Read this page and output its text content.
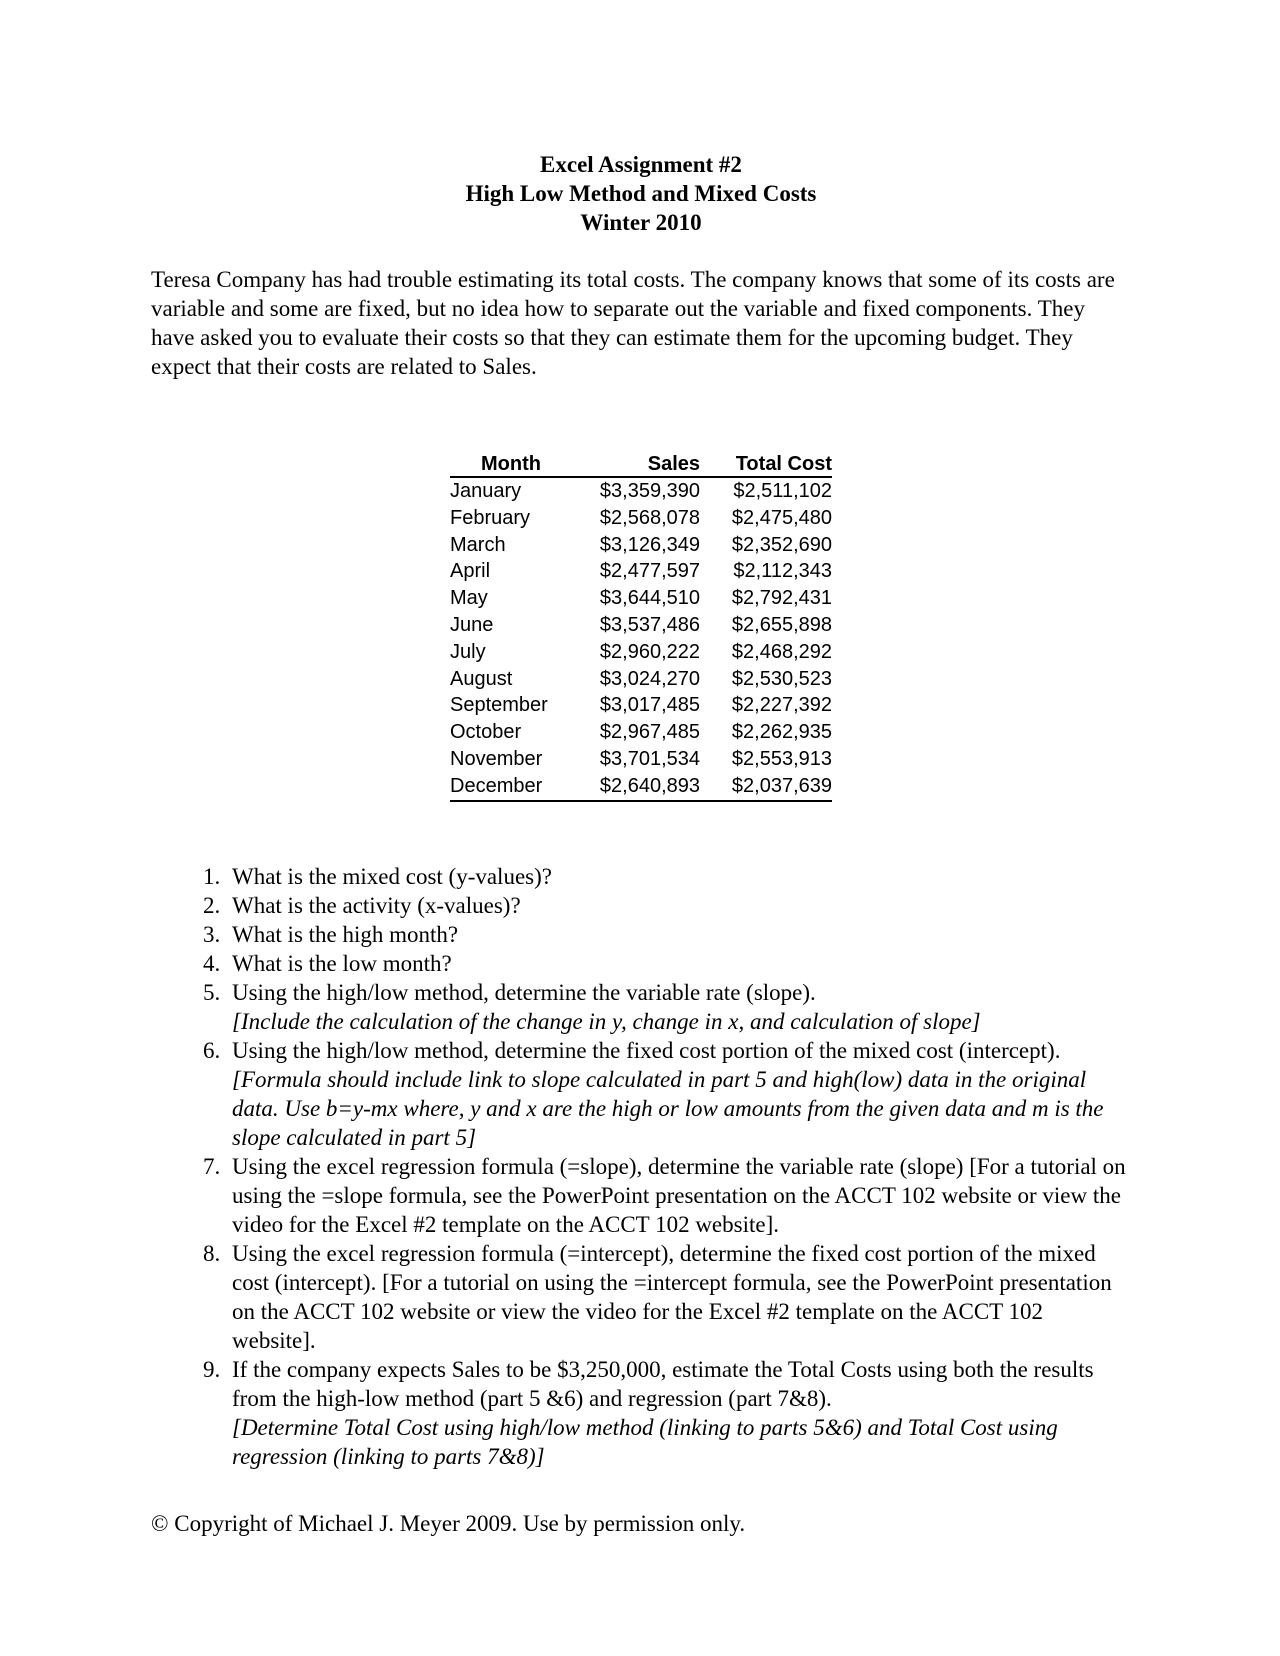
Excel Assignment #2
High Low Method and Mixed Costs
Winter 2010
Teresa Company has had trouble estimating its total costs. The company knows that some of its costs are variable and some are fixed, but no idea how to separate out the variable and fixed components. They have asked you to evaluate their costs so that they can estimate them for the upcoming budget. They expect that their costs are related to Sales.
Month	Sales	Total Cost
January	$3,359,390	$2,511,102
February	$2,568,078	$2,475,480
March	$3,126,349	$2,352,690
April	$2,477,597	$2,112,343
May	$3,644,510	$2,792,431
June	$3,537,486	$2,655,898
July	$2,960,222	$2,468,292
August	$3,024,270	$2,530,523
September	$3,017,485	$2,227,392
October	$2,967,485	$2,262,935
November	$3,701,534	$2,553,913
December	$2,640,893	$2,037,639
1. What is the mixed cost (y-values)?
2. What is the activity (x-values)?
3. What is the high month?
4. What is the low month?
5. Using the high/low method, determine the variable rate (slope).
[Include the calculation of the change in y, change in x, and calculation of slope]
6. Using the high/low method, determine the fixed cost portion of the mixed cost (intercept).
[Formula should include link to slope calculated in part 5 and high(low) data in the original data. Use b=y-mx where, y and x are the high or low amounts from the given data and m is the slope calculated in part 5]
7. Using the excel regression formula (=slope), determine the variable rate (slope) [For a tutorial on using the =slope formula, see the PowerPoint presentation on the ACCT 102 website or view the video for the Excel #2 template on the ACCT 102 website].
8. Using the excel regression formula (=intercept), determine the fixed cost portion of the mixed cost (intercept). [For a tutorial on using the =intercept formula, see the PowerPoint presentation on the ACCT 102 website or view the video for the Excel #2 template on the ACCT 102 website].
9. If the company expects Sales to be $3,250,000, estimate the Total Costs using both the results from the high-low method (part 5 &6) and regression (part 7&8).
[Determine Total Cost using high/low method (linking to parts 5&6) and Total Cost using regression (linking to parts 7&8)]
© Copyright of Michael J. Meyer 2009. Use by permission only.
